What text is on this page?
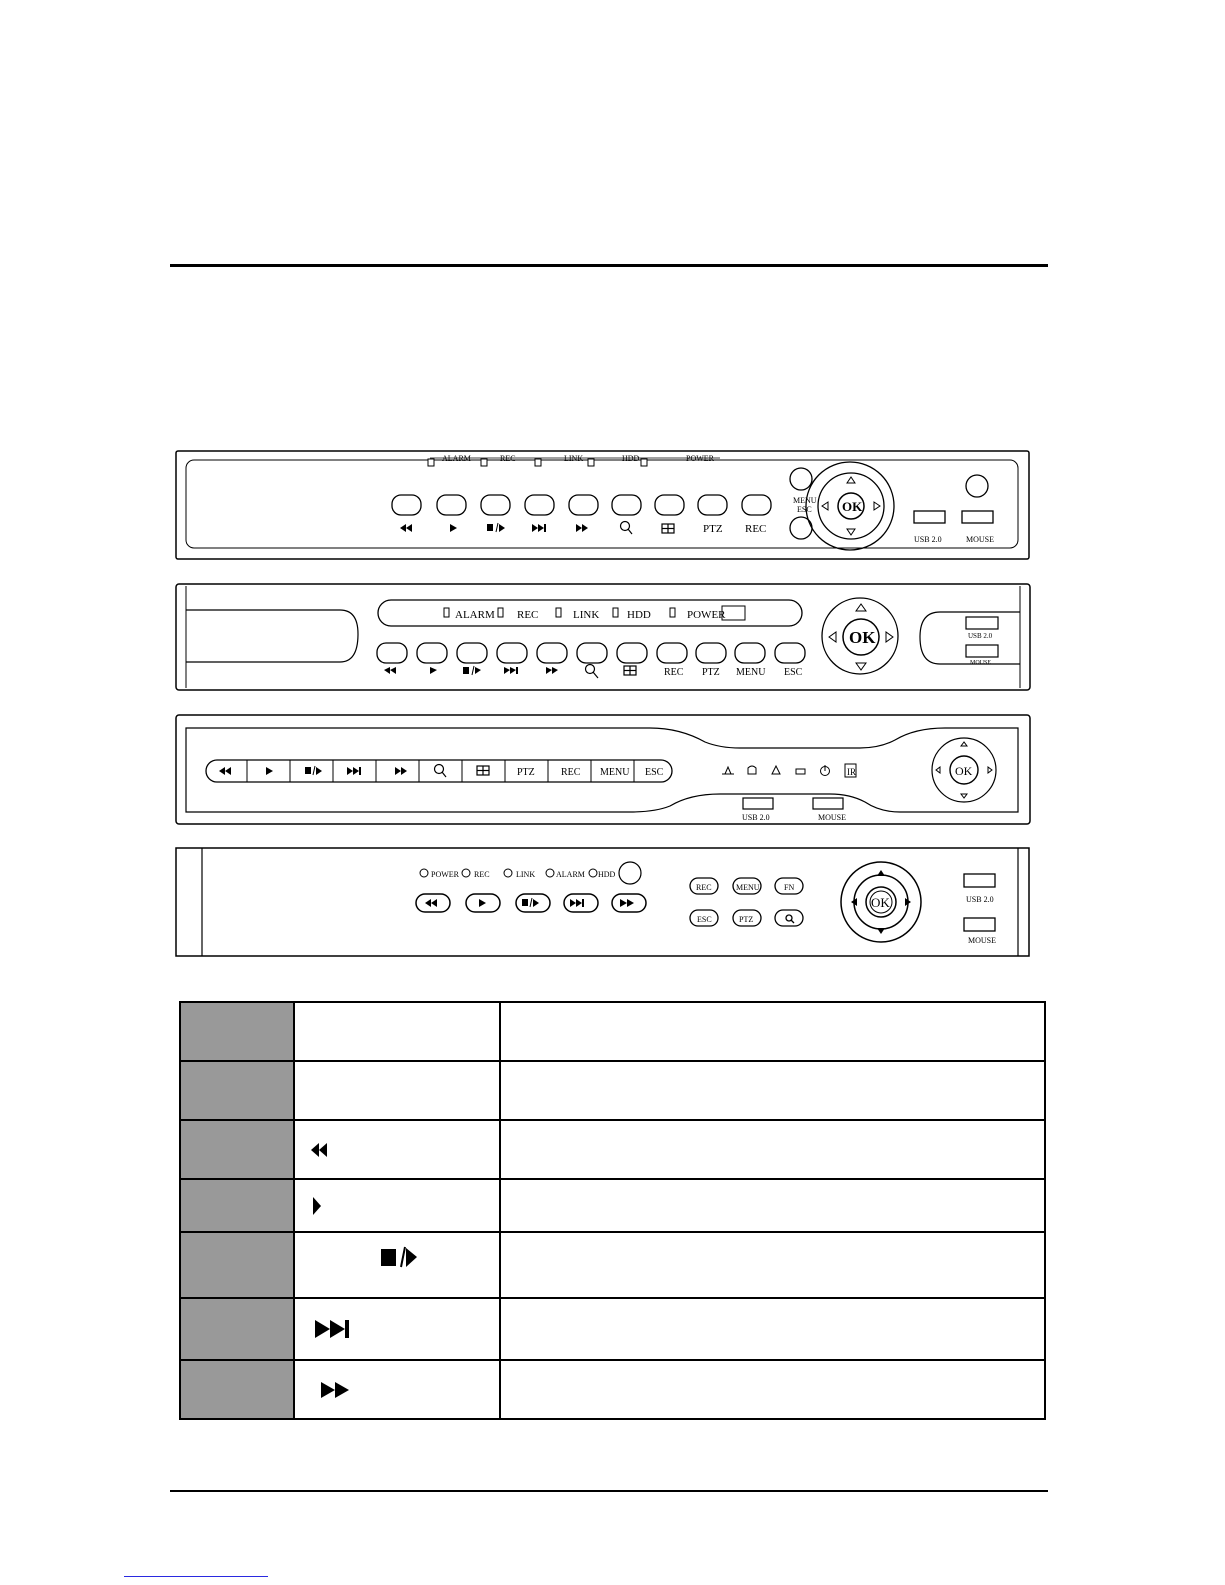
ALARM	REC	LINK	HDD	POWER
PTZ REC
MENU
ESC OK
USB 2.0	MOUSE
ALARM REC	LINK	HDD	POWER
REC PTZ MENU ESC
OK	USB 2.0
MOUSE
PTZ	REC MENU ESC	IR	OK
USB 2.0	MOUSE
POWER REC	LINK	ALARM HDD
REC	MENU	FN
ESC	PTZ
OK	USB 2.0
MOUSE
